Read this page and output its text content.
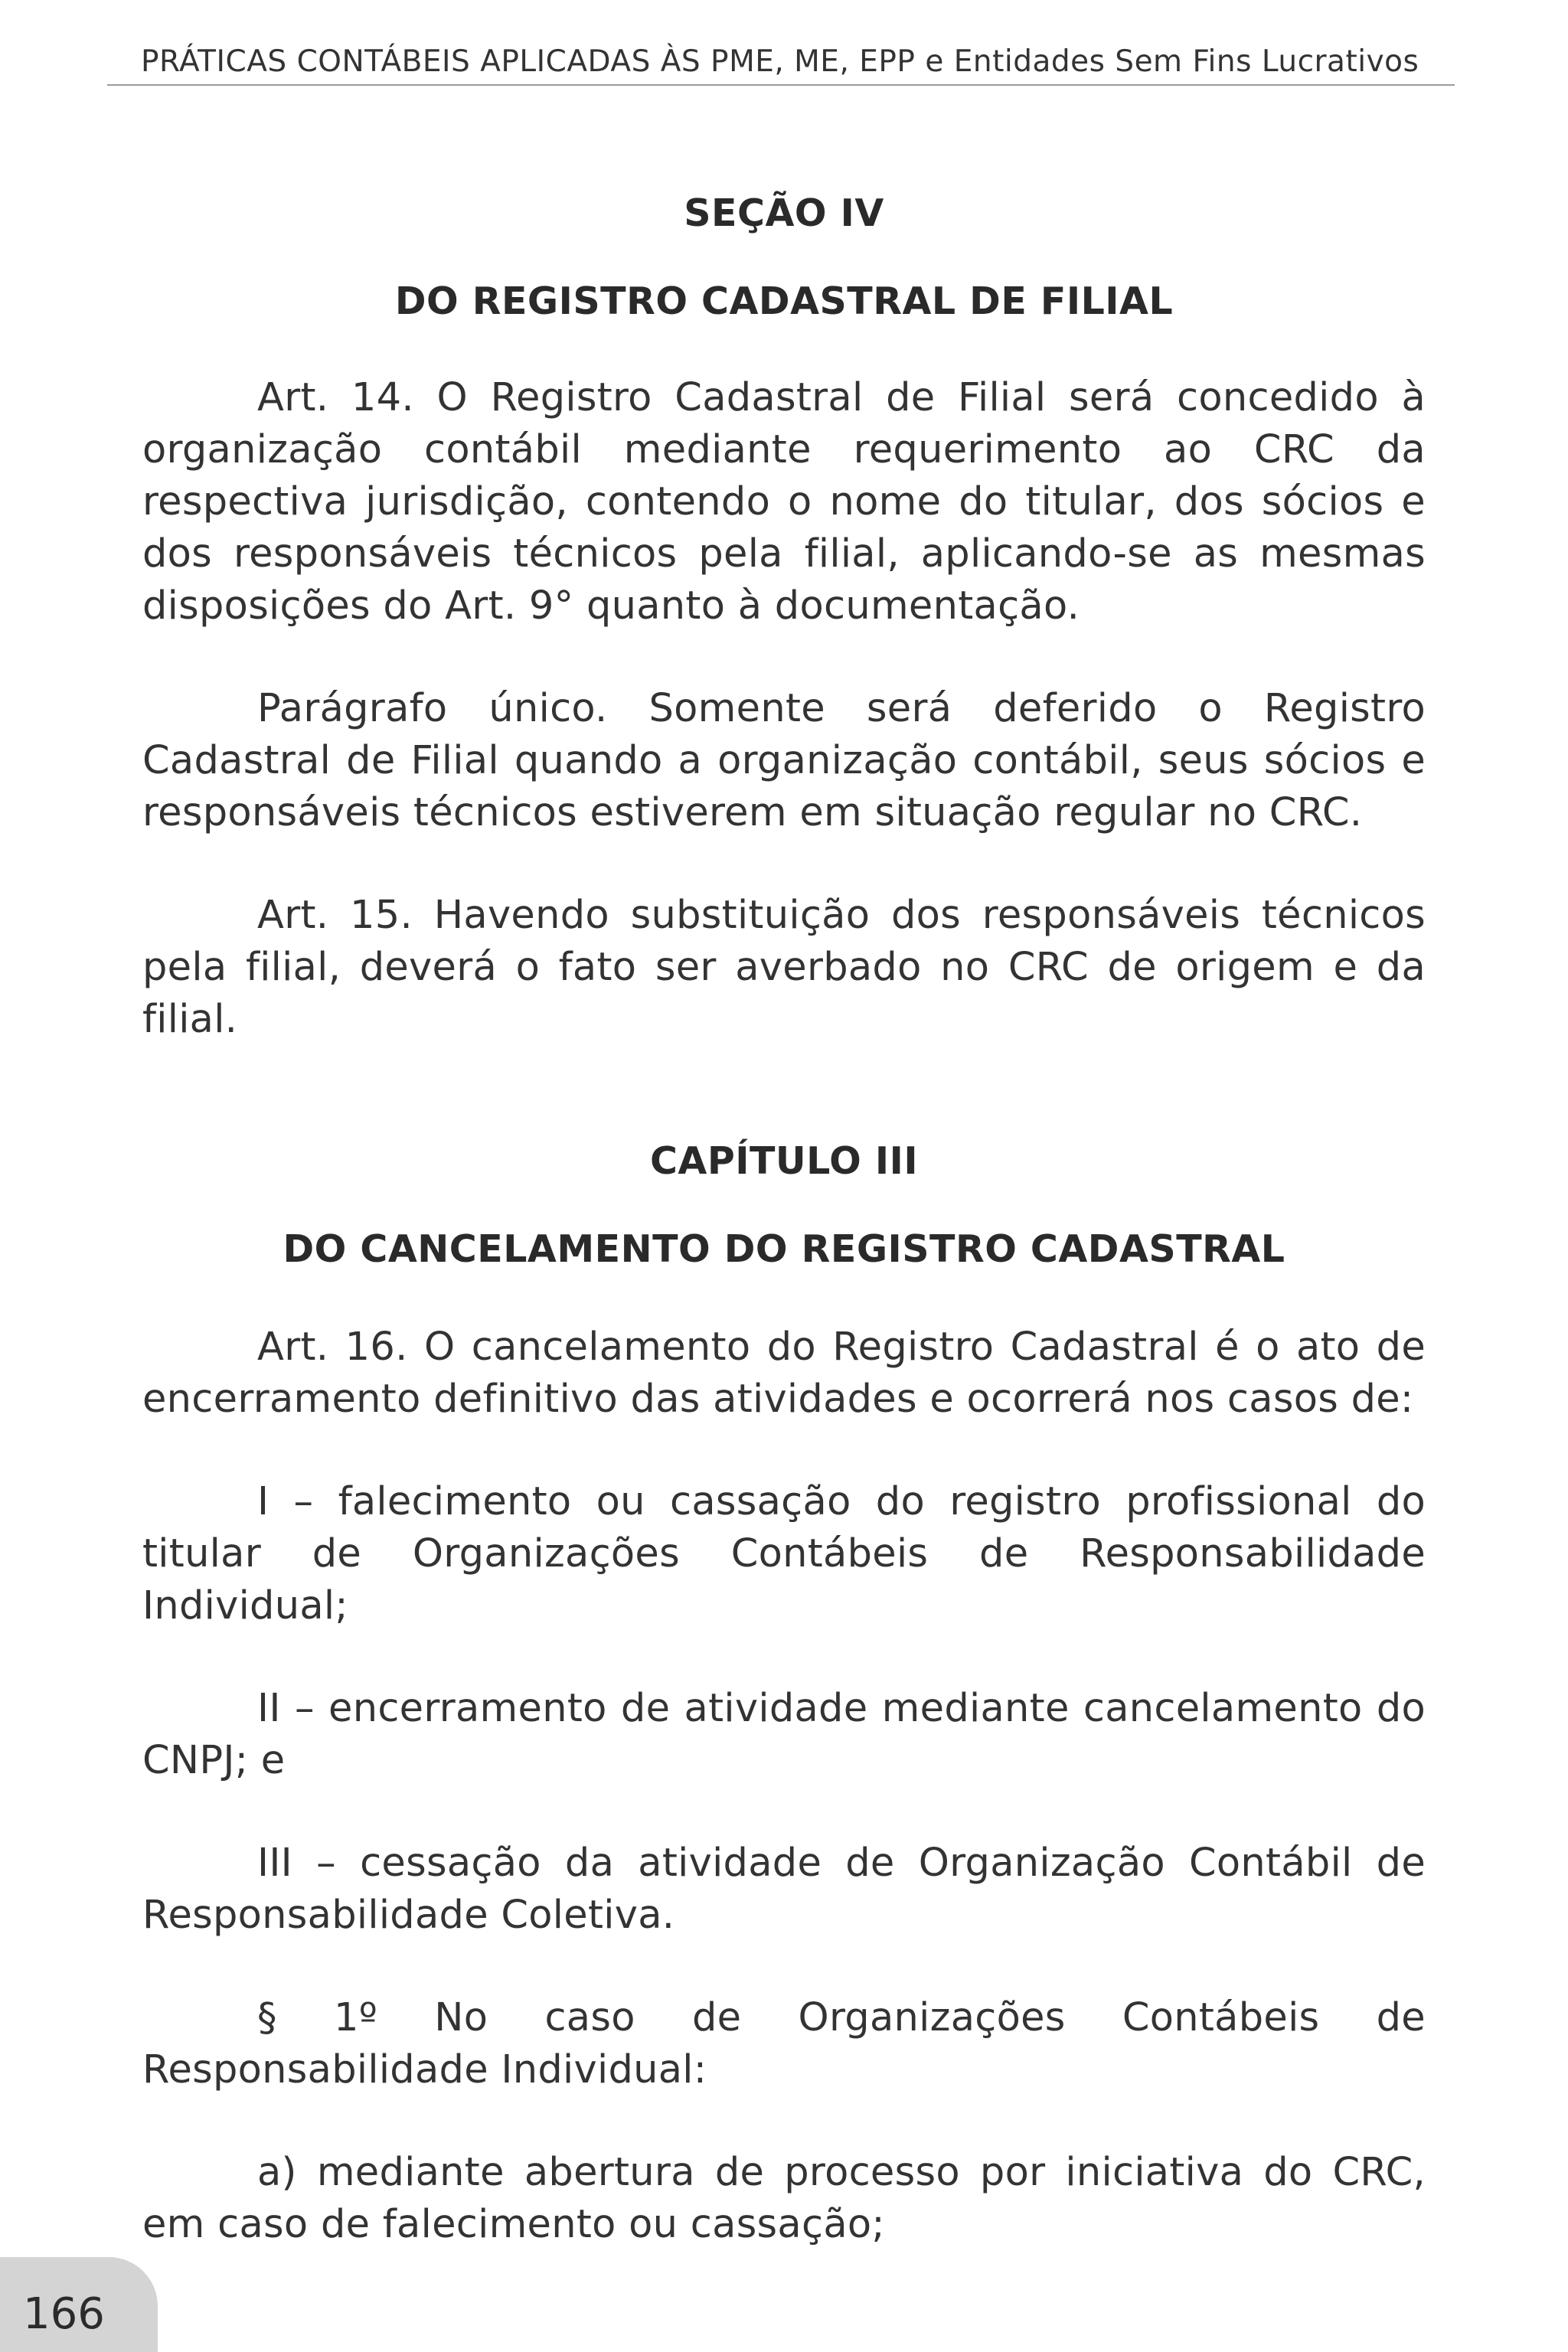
PRÁTICAS CONTÁBEIS APLICADAS ÀS PME, ME, EPP e Entidades Sem Fins Lucrativos
SEÇÃO IV
DO REGISTRO CADASTRAL DE FILIAL

Art. 14. O Registro Cadastral de Filial será concedido à organização contábil mediante requerimento ao CRC da respectiva jurisdição, contendo o nome do titular, dos sócios e dos responsáveis técnicos pela filial, aplicando-se as mesmas disposições do Art. 9° quanto à documentação.

Parágrafo único. Somente será deferido o Registro Cadastral de Filial quando a organização contábil, seus sócios e responsáveis técnicos estiverem em situação regular no CRC.

Art. 15. Havendo substituição dos responsáveis técnicos pela filial, deverá o fato ser averbado no CRC de origem e da filial.

CAPÍTULO III
DO CANCELAMENTO DO REGISTRO CADASTRAL

Art. 16. O cancelamento do Registro Cadastral é o ato de encerramento definitivo das atividades e ocorrerá nos casos de:

I – falecimento ou cassação do registro profissional do titular de Organizações Contábeis de Responsabilidade Individual;

II – encerramento de atividade mediante cancelamento do CNPJ; e

III – cessação da atividade de Organização Contábil de Responsabilidade Coletiva.

§ 1º No caso de Organizações Contábeis de Responsabilidade Individual:

a) mediante abertura de processo por iniciativa do CRC, em caso de falecimento ou cassação;

166
